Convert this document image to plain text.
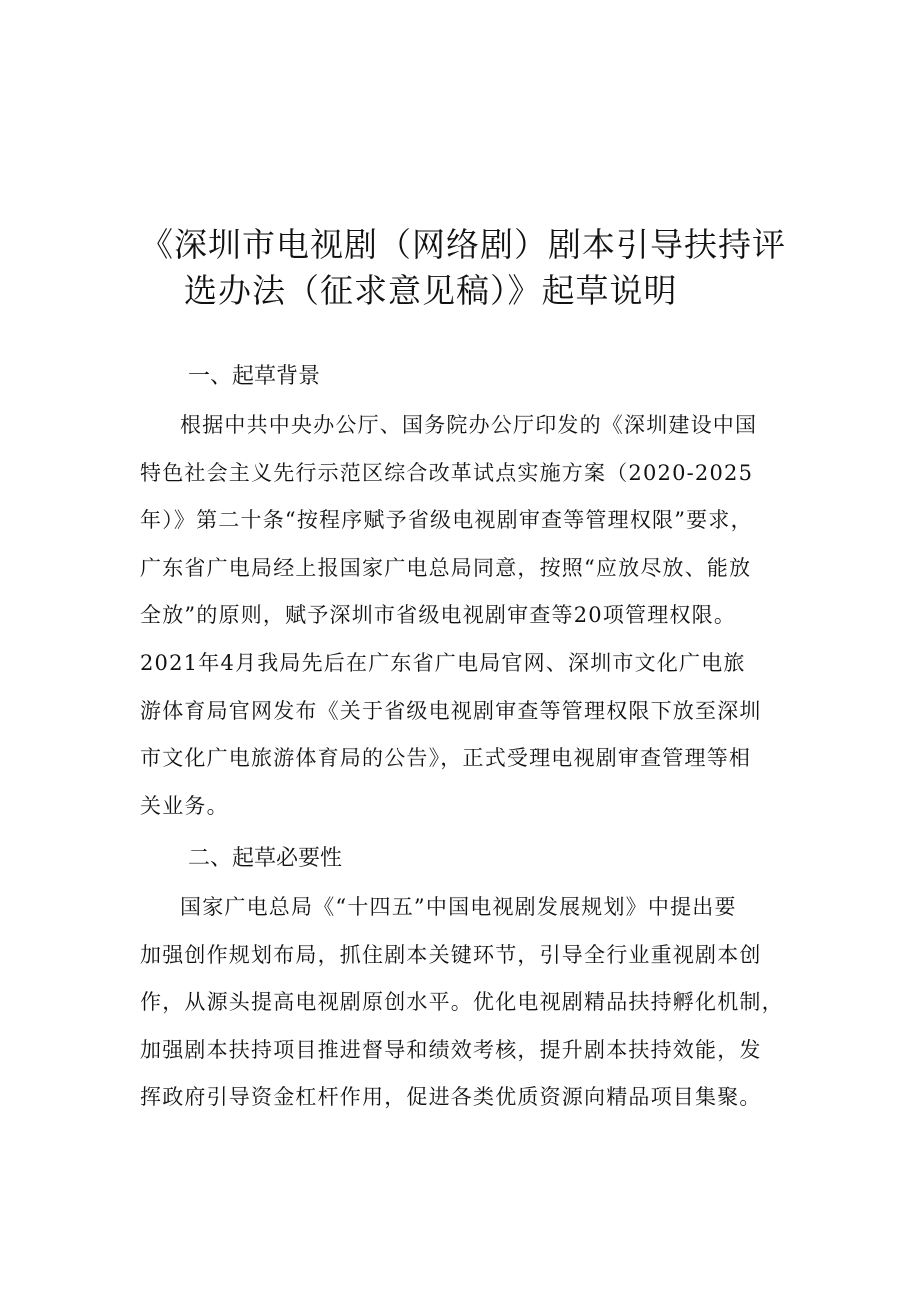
《深圳市电视剧（网络剧）剧本引导扶持评
选办法（征求意见稿）》起草说明
一、起草背景
根据中共中央办公厅、国务院办公厅印发的《深圳建设中国
特色社会主义先行示范区综合改革试点实施方案（2020-2025
年）》第二十条“按程序赋予省级电视剧审查等管理权限”要求，
广东省广电局经上报国家广电总局同意，按照“应放尽放、能放
全放”的原则，赋予深圳市省级电视剧审查等20项管理权限。
2021年4月我局先后在广东省广电局官网、深圳市文化广电旅
游体育局官网发布《关于省级电视剧审查等管理权限下放至深圳
市文化广电旅游体育局的公告》，正式受理电视剧审查管理等相
关业务。
二、起草必要性
国家广电总局《“十四五”中国电视剧发展规划》中提出要
加强创作规划布局，抓住剧本关键环节，引导全行业重视剧本创
作，从源头提高电视剧原创水平。优化电视剧精品扶持孵化机制，
加强剧本扶持项目推进督导和绩效考核，提升剧本扶持效能，发
挥政府引导资金杠杆作用，促进各类优质资源向精品项目集聚。
